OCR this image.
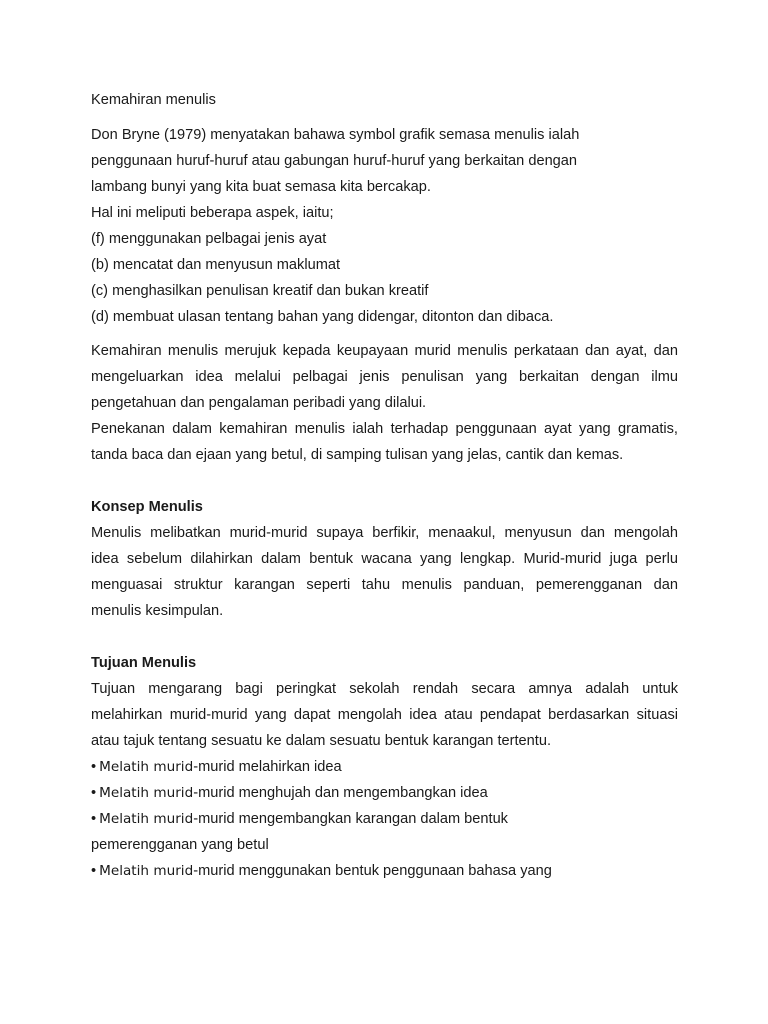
Kemahiran menulis

Don Bryne (1979) menyatakan bahawa symbol grafik semasa menulis ialah

penggunaan huruf-huruf atau gabungan huruf-huruf yang berkaitan dengan

lambang bunyi yang kita buat semasa kita bercakap.

Hal ini meliputi beberapa aspek, iaitu;

(f) menggunakan pelbagai jenis ayat

(b) mencatat dan menyusun maklumat

(c) menghasilkan penulisan kreatif dan bukan kreatif

(d) membuat ulasan tentang bahan yang didengar, ditonton dan dibaca.

Kemahiran menulis merujuk kepada keupayaan murid menulis perkataan dan ayat, dan

mengeluarkan idea melalui pelbagai jenis penulisan yang berkaitan dengan ilmu

pengetahuan dan pengalaman peribadi yang dilalui.

Penekanan dalam kemahiran menulis ialah terhadap penggunaan ayat yang gramatis,

tanda baca dan ejaan yang betul, di samping tulisan yang jelas, cantik dan kemas.

Konsep Menulis

Menulis melibatkan murid-murid supaya berfikir, menaakul, menyusun dan mengolah

idea sebelum dilahirkan dalam bentuk wacana yang lengkap. Murid-murid juga perlu

menguasai struktur karangan seperti tahu menulis panduan, pemerengganan dan

menulis kesimpulan.

Tujuan Menulis

Tujuan mengarang bagi peringkat sekolah rendah secara amnya adalah untuk

melahirkan murid-murid yang dapat mengolah idea atau pendapat berdasarkan situasi

atau tajuk tentang sesuatu ke dalam sesuatu bentuk karangan tertentu.

• Melatih murid-murid melahirkan idea

• Melatih murid-murid menghujah dan mengembangkan idea

• Melatih murid-murid mengembangkan karangan dalam bentuk

pemerengganan yang betul

• Melatih murid-murid menggunakan bentuk penggunaan bahasa yang
